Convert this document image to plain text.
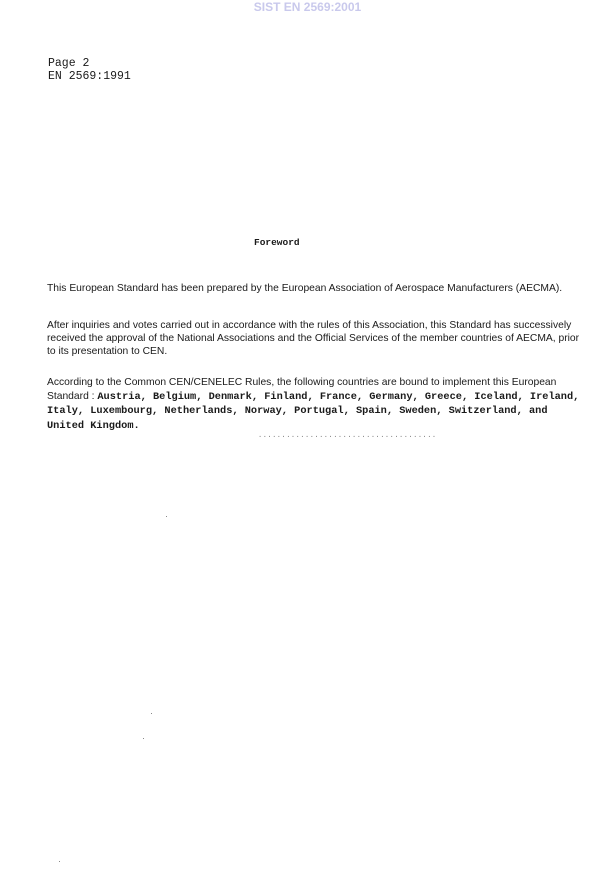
SIST EN 2569:2001
Page 2
EN 2569:1991
Foreword
This European Standard has been prepared by the European Association of Aerospace Manufacturers (AECMA).
After inquiries and votes carried out in accordance with the rules of this Association, this Standard has successively received the approval of the National Associations and the Official Services of the member countries of AECMA, prior to its presentation to CEN.
According to the Common CEN/CENELEC Rules, the following countries are bound to implement this European Standard : Austria, Belgium, Denmark, Finland, France, Germany, Greece, Iceland, Ireland, Italy, Luxembourg, Netherlands, Norway, Portugal, Spain, Sweden, Switzerland, and United Kingdom.
......................................
